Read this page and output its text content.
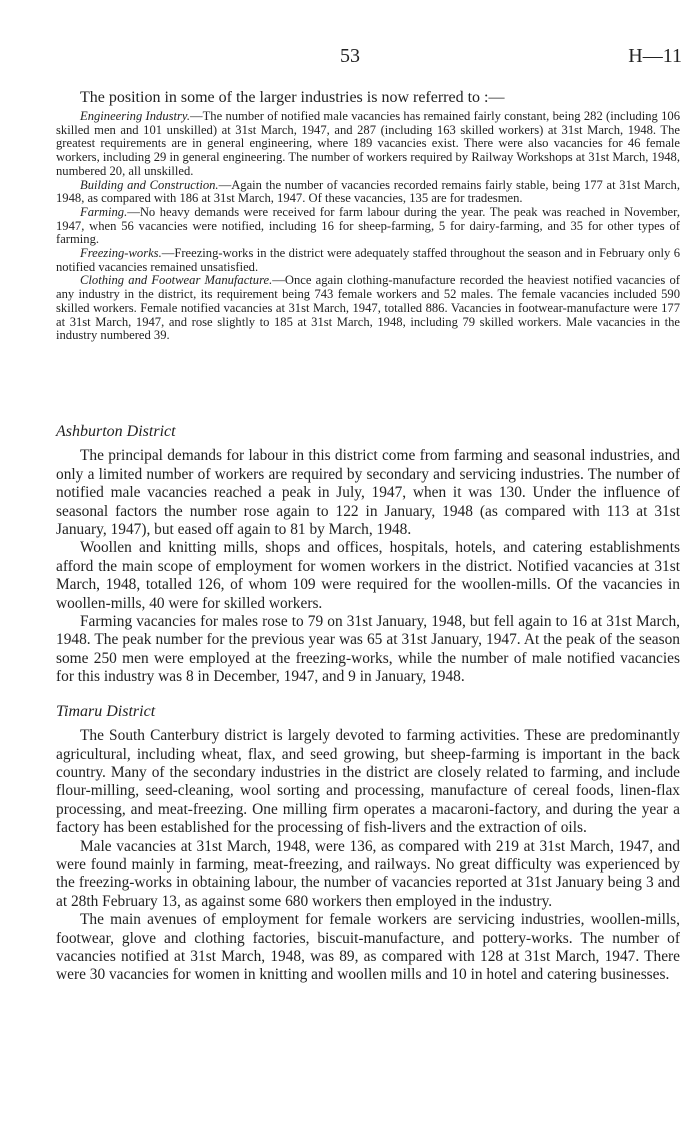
53	H—11

The position in some of the larger industries is now referred to :—

Engineering Industry.—The number of notified male vacancies has remained fairly constant, being 282 (including 106 skilled men and 101 unskilled) at 31st March, 1947, and 287 (including 163 skilled workers) at 31st March, 1948. The greatest requirements are in general engineering, where 189 vacancies exist. There were also vacancies for 46 female workers, including 29 in general engineering. The number of workers required by Railway Workshops at 31st March, 1948, numbered 20, all unskilled.

Building and Construction.—Again the number of vacancies recorded remains fairly stable, being 177 at 31st March, 1948, as compared with 186 at 31st March, 1947. Of these vacancies, 135 are for tradesmen.

Farming.—No heavy demands were received for farm labour during the year. The peak was reached in November, 1947, when 56 vacancies were notified, including 16 for sheep-farming, 5 for dairy-farming, and 35 for other types of farming.

Freezing-works.—Freezing-works in the district were adequately staffed throughout the season and in February only 6 notified vacancies remained unsatisfied.

Clothing and Footwear Manufacture.—Once again clothing-manufacture recorded the heaviest notified vacancies of any industry in the district, its requirement being 743 female workers and 52 males. The female vacancies included 590 skilled workers. Female notified vacancies at 31st March, 1947, totalled 886. Vacancies in footwear-manufacture were 177 at 31st March, 1947, and rose slightly to 185 at 31st March, 1948, including 79 skilled workers. Male vacancies in the industry numbered 39.

Ashburton District

The principal demands for labour in this district come from farming and seasonal industries, and only a limited number of workers are required by secondary and servicing industries. The number of notified male vacancies reached a peak in July, 1947, when it was 130. Under the influence of seasonal factors the number rose again to 122 in January, 1948 (as compared with 113 at 31st January, 1947), but eased off again to 81 by March, 1948.

Woollen and knitting mills, shops and offices, hospitals, hotels, and catering establishments afford the main scope of employment for women workers in the district. Notified vacancies at 31st March, 1948, totalled 126, of whom 109 were required for the woollen-mills. Of the vacancies in woollen-mills, 40 were for skilled workers.

Farming vacancies for males rose to 79 on 31st January, 1948, but fell again to 16 at 31st March, 1948. The peak number for the previous year was 65 at 31st January, 1947. At the peak of the season some 250 men were employed at the freezing-works, while the number of male notified vacancies for this industry was 8 in December, 1947, and 9 in January, 1948.

Timaru District

The South Canterbury district is largely devoted to farming activities. These are predominantly agricultural, including wheat, flax, and seed growing, but sheep-farming is important in the back country. Many of the secondary industries in the district are closely related to farming, and include flour-milling, seed-cleaning, wool sorting and processing, manufacture of cereal foods, linen-flax processing, and meat-freezing. One milling firm operates a macaroni-factory, and during the year a factory has been established for the processing of fish-livers and the extraction of oils.

Male vacancies at 31st March, 1948, were 136, as compared with 219 at 31st March, 1947, and were found mainly in farming, meat-freezing, and railways. No great difficulty was experienced by the freezing-works in obtaining labour, the number of vacancies reported at 31st January being 3 and at 28th February 13, as against some 680 workers then employed in the industry.

The main avenues of employment for female workers are servicing industries, woollen-mills, footwear, glove and clothing factories, biscuit-manufacture, and pottery-works. The number of vacancies notified at 31st March, 1948, was 89, as compared with 128 at 31st March, 1947. There were 30 vacancies for women in knitting and woollen mills and 10 in hotel and catering businesses.
